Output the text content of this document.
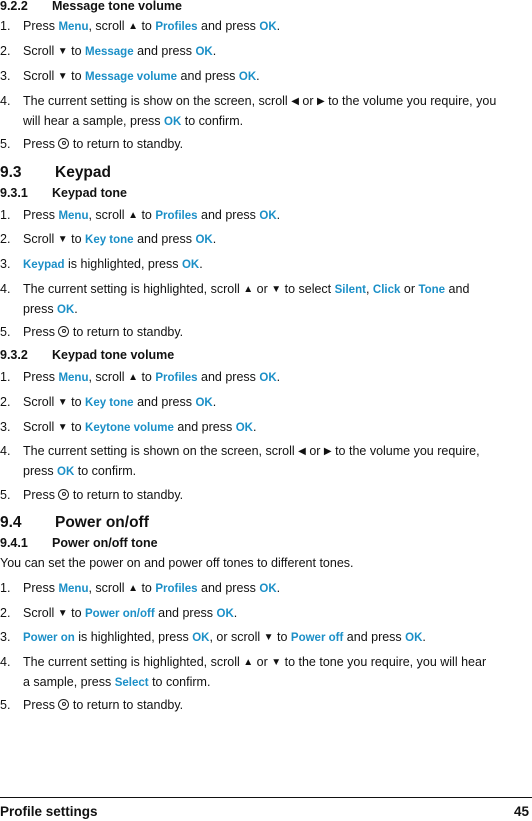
9.2.2 Message tone volume
1. Press Menu, scroll ▲ to Profiles and press OK.
2. Scroll ▼ to Message and press OK.
3. Scroll ▼ to Message volume and press OK.
4. The current setting is show on the screen, scroll ◀ or ▶ to the volume you require, you
will hear a sample, press OK to confirm.
5. Press  to return to standby.
9.3 Keypad
9.3.1 Keypad tone
1. Press Menu, scroll ▲ to Profiles and press OK.
2. Scroll ▼ to Key tone and press OK.
3. Keypad is highlighted, press OK.
4. The current setting is highlighted, scroll ▲ or ▼ to select Silent, Click or Tone and
press OK.
5. Press  to return to standby.
9.3.2 Keypad tone volume
1. Press Menu, scroll ▲ to Profiles and press OK.
2. Scroll ▼ to Key tone and press OK.
3. Scroll ▼ to Keytone volume and press OK.
4. The current setting is shown on the screen, scroll ◀ or ▶ to the volume you require,
press OK to confirm.
5. Press  to return to standby.
9.4 Power on/off
9.4.1 Power on/off tone
You can set the power on and power off tones to different tones.
1. Press Menu, scroll ▲ to Profiles and press OK.
2. Scroll ▼ to Power on/off and press OK.
3. Power on is highlighted, press OK, or scroll ▼ to Power off and press OK.
4. The current setting is highlighted, scroll ▲ or ▼ to the tone you require, you will hear
a sample, press Select to confirm.
5. Press  to return to standby.
Profile settings	45
